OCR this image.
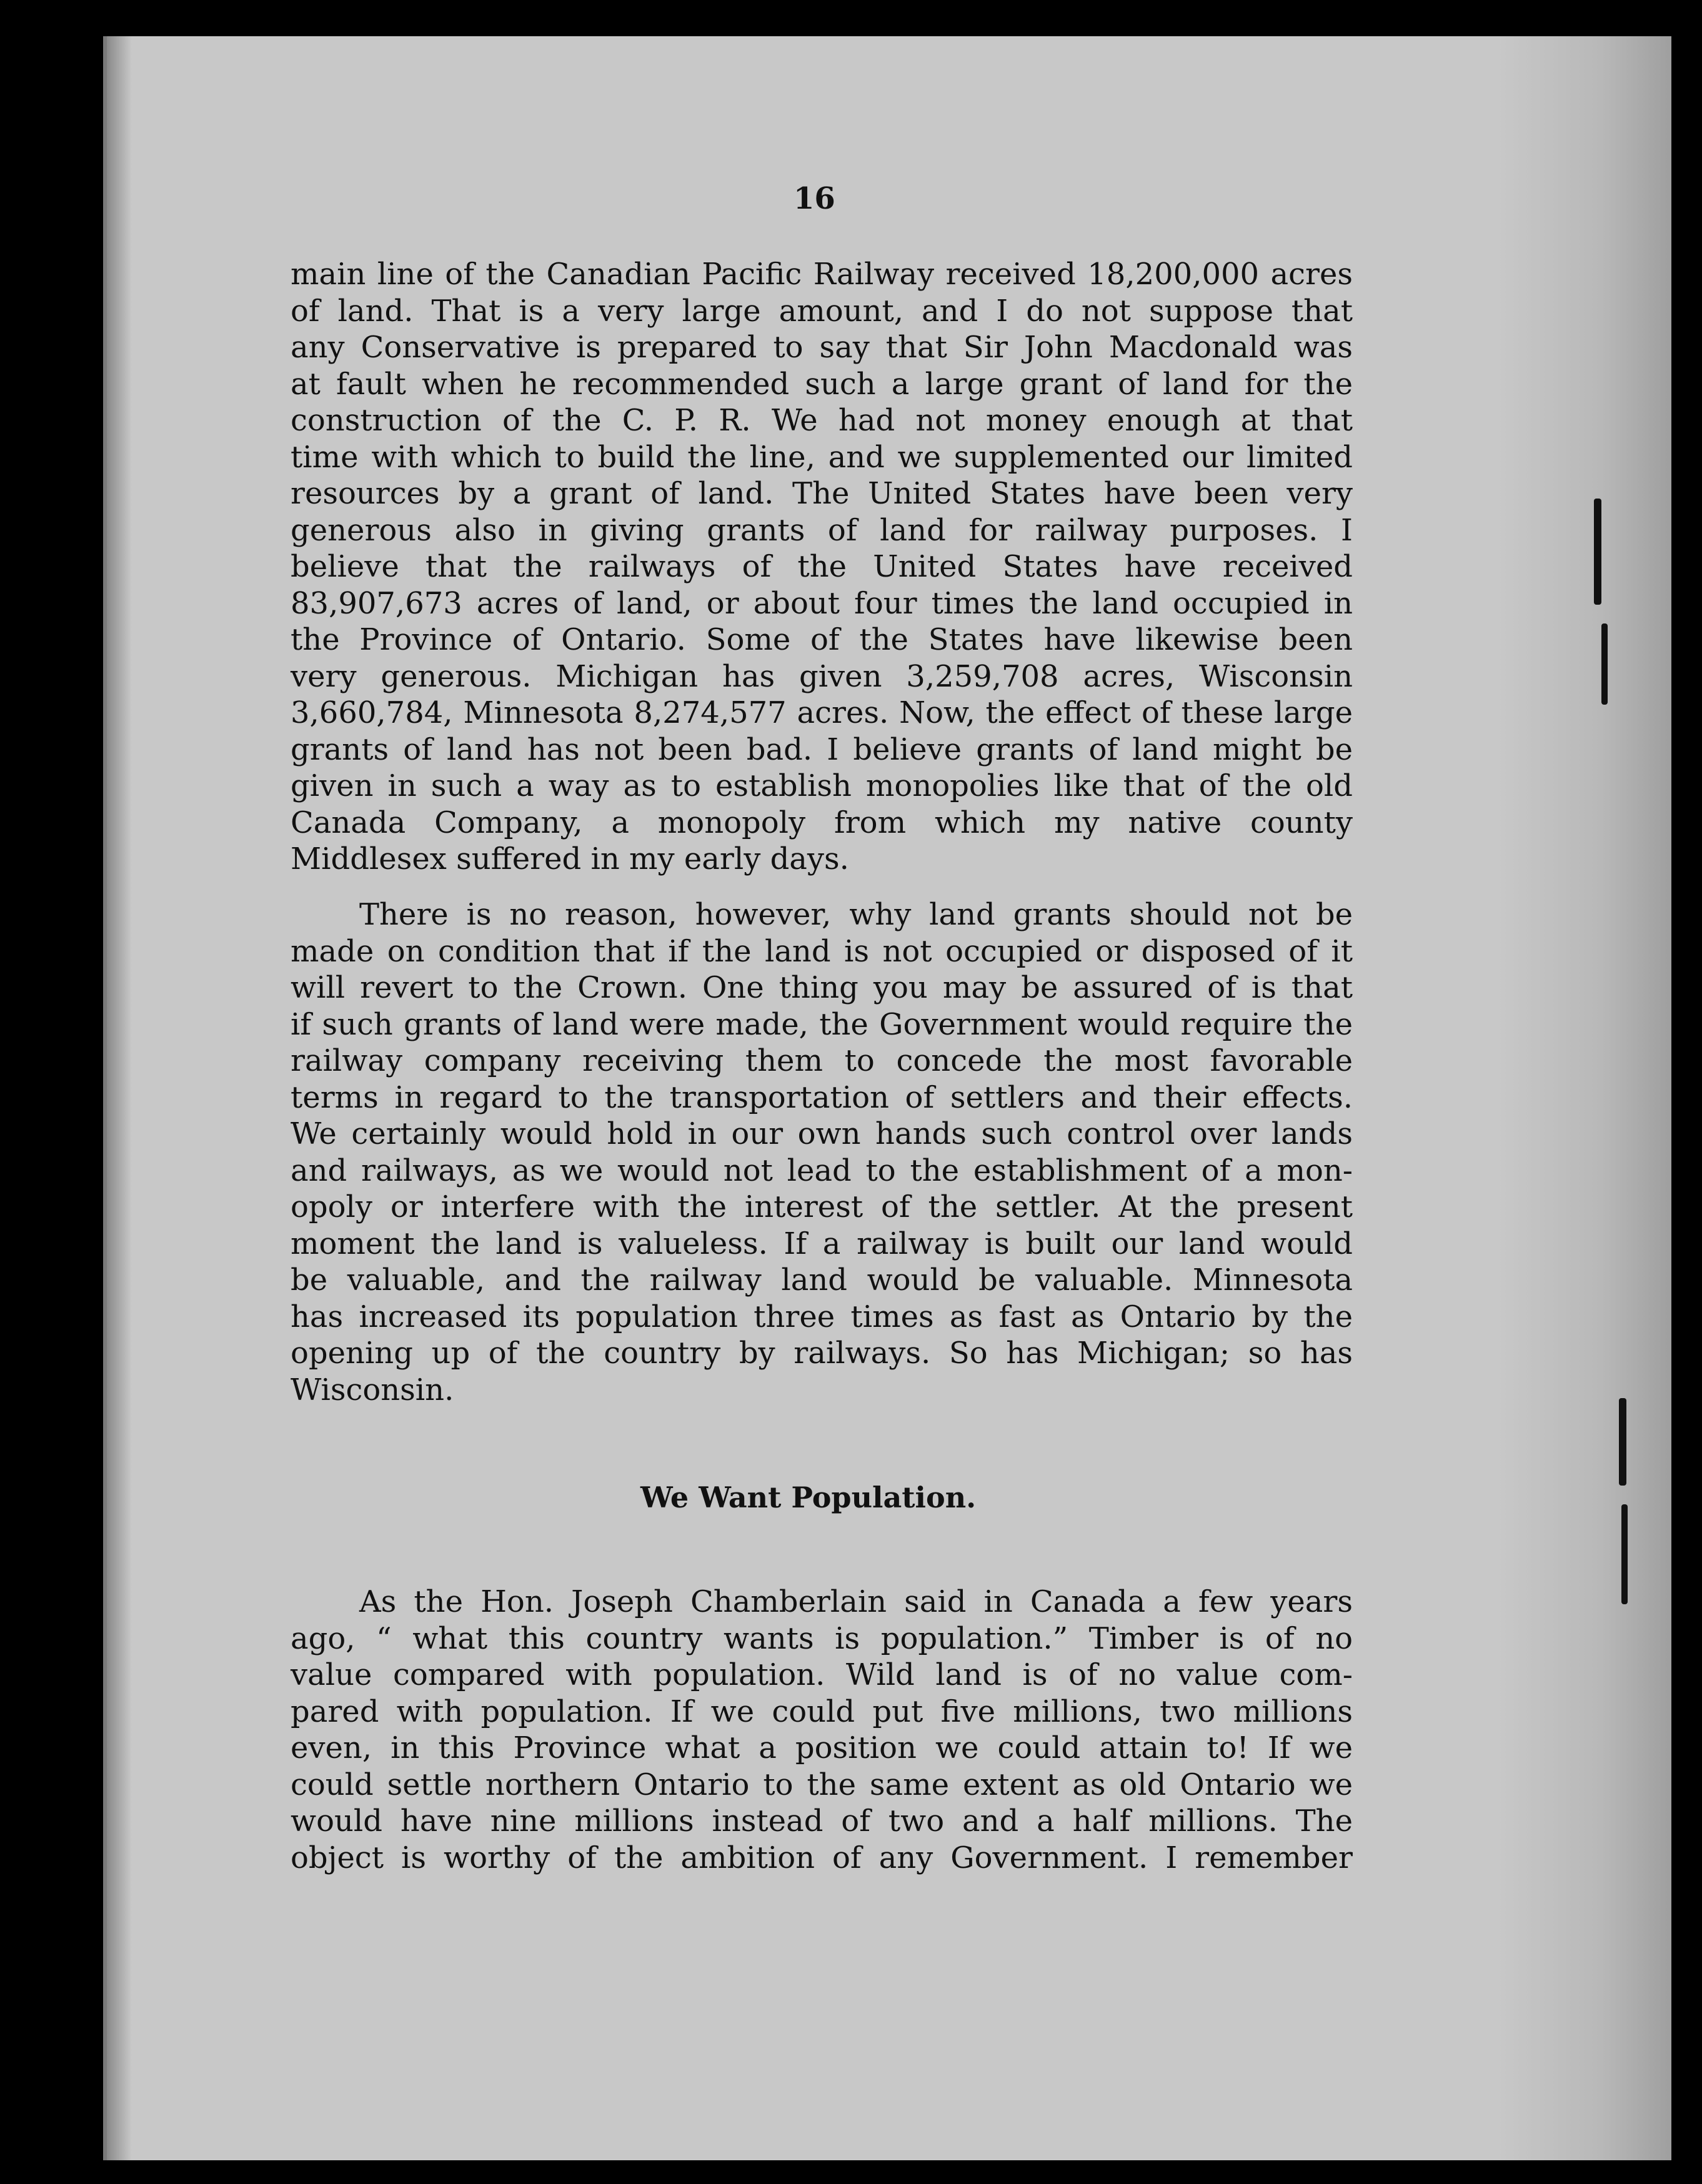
16

main line of the Canadian Pacific Railway received 18,200,000 acres
of land. That is a very large amount, and I do not suppose that
any Conservative is prepared to say that Sir John Macdonald was
at fault when he recommended such a large grant of land for the
construction of the C. P. R. We had not money enough at that
time with which to build the line, and we supplemented our limited
resources by a grant of land. The United States have been very
generous also in giving grants of land for railway purposes. I
believe that the railways of the United States have received
83,907,673 acres of land, or about four times the land occupied in
the Province of Ontario. Some of the States have likewise been
very generous. Michigan has given 3,259,708 acres, Wisconsin
3,660,784, Minnesota 8,274,577 acres. Now, the effect of these large
grants of land has not been bad. I believe grants of land might be
given in such a way as to establish monopolies like that of the old
Canada Company, a monopoly from which my native county
Middlesex suffered in my early days.

There is no reason, however, why land grants should not be
made on condition that if the land is not occupied or disposed of it
will revert to the Crown. One thing you may be assured of is that
if such grants of land were made, the Government would require the
railway company receiving them to concede the most favorable
terms in regard to the transportation of settlers and their effects.
We certainly would hold in our own hands such control over lands
and railways, as we would not lead to the establishment of a mon-
opoly or interfere with the interest of the settler. At the present
moment the land is valueless. If a railway is built our land would
be valuable, and the railway land would be valuable. Minnesota
has increased its population three times as fast as Ontario by the
opening up of the country by railways. So has Michigan; so has
Wisconsin.

We Want Population.

As the Hon. Joseph Chamberlain said in Canada a few years
ago, “ what this country wants is population.” Timber is of no
value compared with population. Wild land is of no value com-
pared with population. If we could put five millions, two millions
even, in this Province what a position we could attain to! If we
could settle northern Ontario to the same extent as old Ontario we
would have nine millions instead of two and a half millions. The
object is worthy of the ambition of any Government. I remember
